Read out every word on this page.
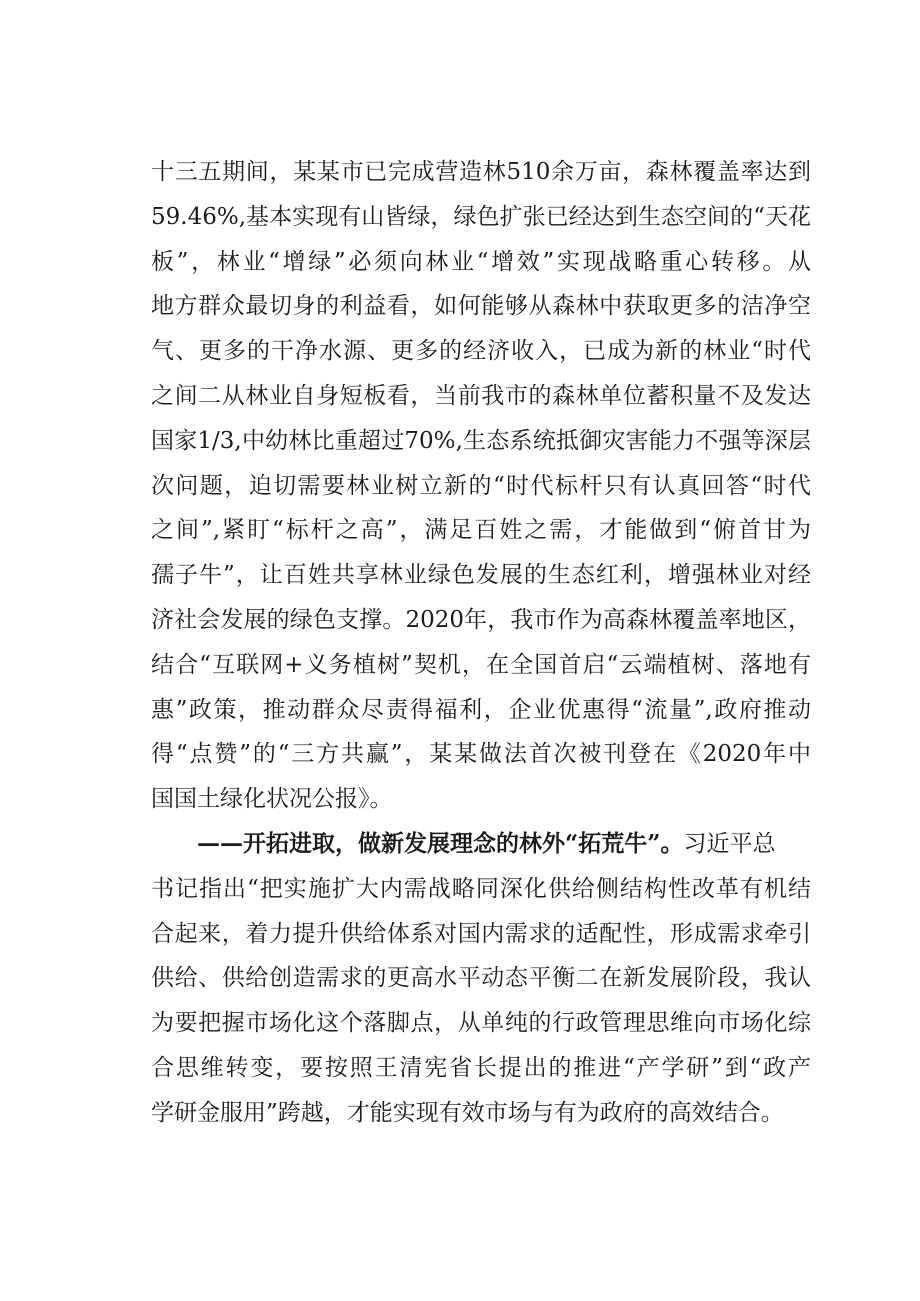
十三五期间，某某市已完成营造林510余万亩，森林覆盖率达到
59.46%,基本实现有山皆绿，绿色扩张已经达到生态空间的“天花
板”，林业“增绿”必须向林业“增效”实现战略重心转移。从
地方群众最切身的利益看，如何能够从森林中获取更多的洁净空
气、更多的干净水源、更多的经济收入，已成为新的林业“时代
之间二从林业自身短板看，当前我市的森林单位蓄积量不及发达
国家1/3,中幼林比重超过70%,生态系统抵御灾害能力不强等深层
次问题，迫切需要林业树立新的“时代标杆只有认真回答“时代
之间”,紧盯“标杆之高”，满足百姓之需，才能做到“俯首甘为
孺子牛”，让百姓共享林业绿色发展的生态红利，增强林业对经
济社会发展的绿色支撑。2020年，我市作为高森林覆盖率地区，
结合“互联网+义务植树”契机，在全国首启“云端植树、落地有
惠”政策，推动群众尽责得福利，企业优惠得“流量”,政府推动
得“点赞”的“三方共赢”，某某做法首次被刊登在《2020年中
国国土绿化状况公报》。
——开拓进取，做新发展理念的林外“拓荒牛”。习近平总
书记指出“把实施扩大内需战略同深化供给侧结构性改革有机结
合起来，着力提升供给体系对国内需求的适配性，形成需求牵引
供给、供给创造需求的更高水平动态平衡二在新发展阶段，我认
为要把握市场化这个落脚点，从单纯的行政管理思维向市场化综
合思维转变，要按照王清宪省长提出的推进“产学研”到“政产
学研金服用”跨越，才能实现有效市场与有为政府的高效结合。
